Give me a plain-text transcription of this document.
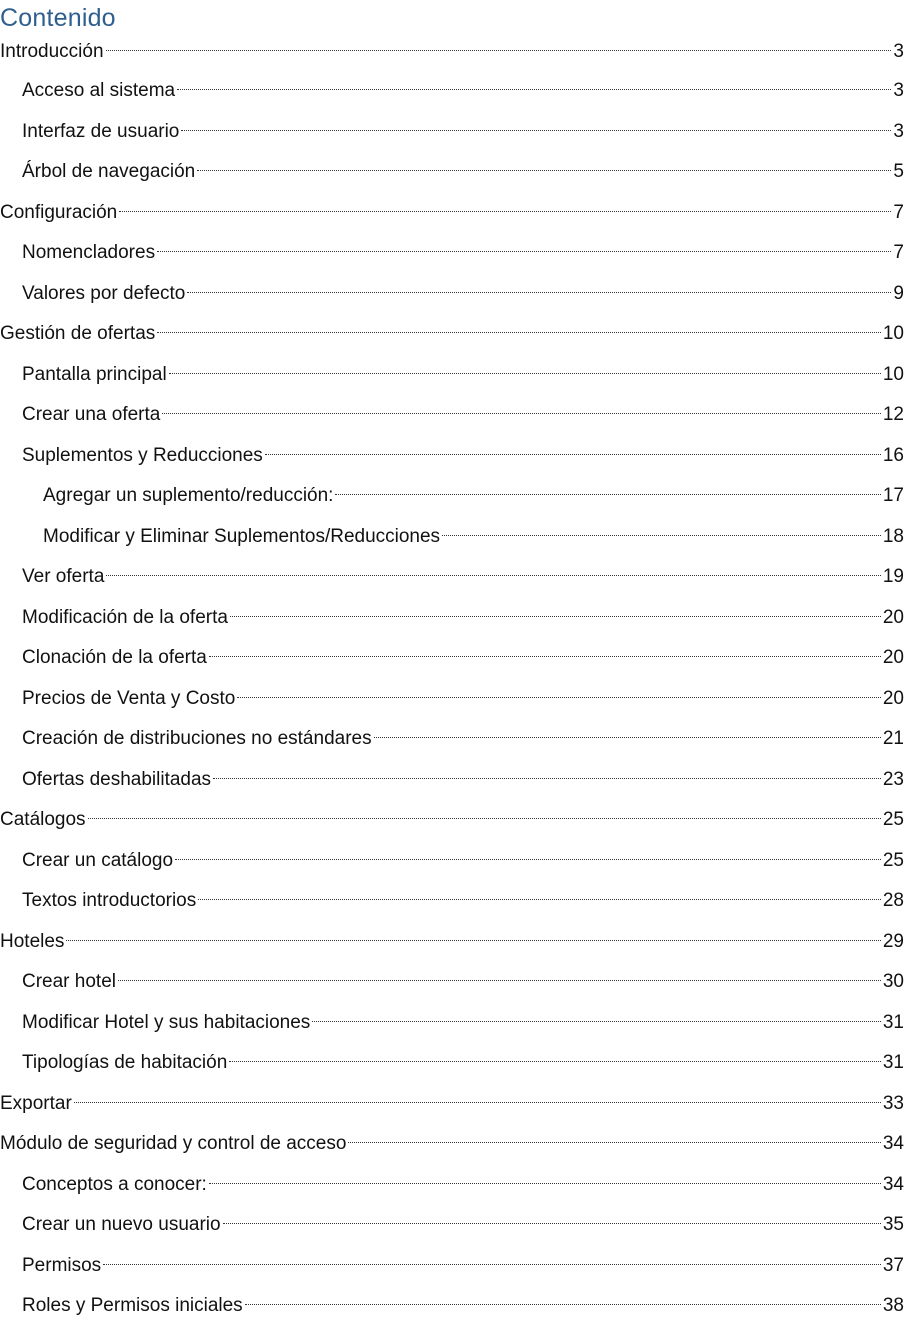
Contenido
Introducción	3
Acceso al sistema	3
Interfaz de usuario	3
Árbol de navegación	5
Configuración	7
Nomencladores	7
Valores por defecto	9
Gestión de ofertas	10
Pantalla principal	10
Crear una oferta	12
Suplementos y Reducciones	16
Agregar un suplemento/reducción:	17
Modificar y Eliminar Suplementos/Reducciones	18
Ver oferta	19
Modificación de la oferta	20
Clonación de la oferta	20
Precios de Venta y Costo	20
Creación de distribuciones no estándares	21
Ofertas deshabilitadas	23
Catálogos	25
Crear un catálogo	25
Textos introductorios	28
Hoteles	29
Crear hotel	30
Modificar Hotel y sus habitaciones	31
Tipologías de habitación	31
Exportar	33
Módulo de seguridad y control de acceso	34
Conceptos a conocer:	34
Crear un nuevo usuario	35
Permisos	37
Roles y Permisos iniciales	38
